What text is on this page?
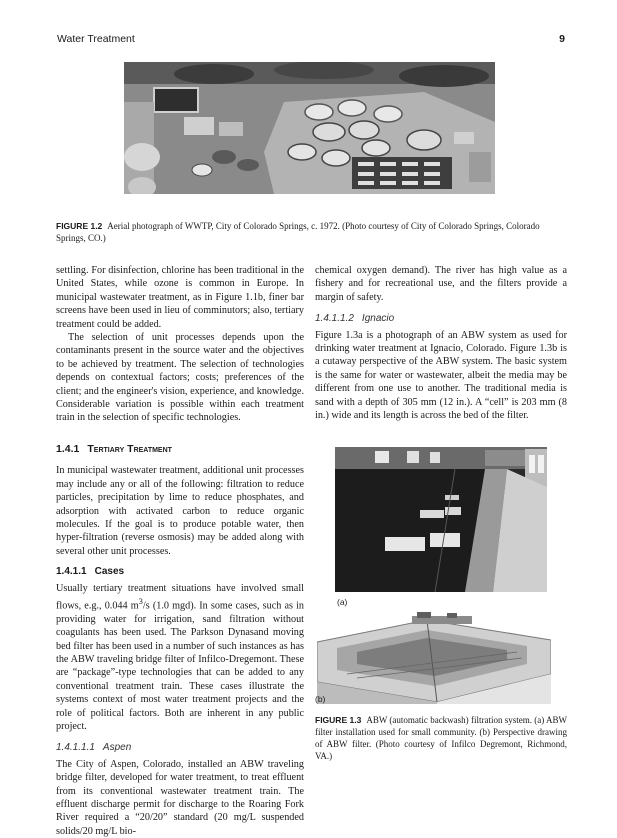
Water Treatment	9
FIGURE 1.2 Aerial photograph of WWTP, City of Colorado Springs, c. 1972. (Photo courtesy of City of Colorado Springs, Colorado Springs, CO.)

settling. For disinfection, chlorine has been traditional in the United States, while ozone is common in Europe. In municipal wastewater treatment, as in Figure 1.1b, finer bar screens have been used in lieu of comminutors; also, tertiary treatment could be added.

The selection of unit processes depends upon the contaminants present in the source water and the objectives to be achieved by treatment. The selection of technologies depends on contextual factors; costs; preferences of the client; and the engineer's vision, experience, and knowledge. Considerable variation is possible within each treatment train in the selection of specific technologies.

1.4.1 Tertiary Treatment

In municipal wastewater treatment, additional unit processes may include any or all of the following: filtration to reduce particles, precipitation by lime to reduce phosphates, and adsorption with activated carbon to reduce organic molecules. If the goal is to produce potable water, then hyper-filtration (reverse osmosis) may be added along with several other unit processes.

1.4.1.1 Cases

Usually tertiary treatment situations have involved small flows, e.g., 0.044 $m^3/s$ (1.0 mgd). In some cases, such as in providing water for irrigation, sand filtration without coagulants has been used. The Parkson Dynasand moving bed filter has been used in a number of such instances as has the ABW traveling bridge filter of Infilco-Dregemont. These are “package”-type technologies that can be added to any conventional treatment train. These cases illustrate the systems context of most water treatment projects and the role of political factors. Both are inherent in any public project.

1.4.1.1.1 Aspen

The City of Aspen, Colorado, installed an ABW traveling bridge filter, developed for water treatment, to treat effluent from its conventional wastewater treatment train. The effluent discharge permit for discharge to the Roaring Fork River required a “20/20” standard (20 mg/L suspended solids/20 mg/L bio-

chemical oxygen demand). The river has high value as a fishery and for recreational use, and the filters provide a margin of safety.

1.4.1.1.2 Ignacio

Figure 1.3a is a photograph of an ABW system as used for drinking water treatment at Ignacio, Colorado. Figure 1.3b is a cutaway perspective of the ABW system. The basic system is the same for water or wastewater, albeit the media may be different from one use to another. The traditional media is sand with a depth of 305 mm (12 in.). A “cell” is 203 mm (8 in.) wide and its length is across the bed of the filter.

(a)
(b)
FIGURE 1.3 ABW (automatic backwash) filtration system. (a) ABW filter installation used for small community. (b) Perspective drawing of ABW filter. (Photo courtesy of Infilco Degremont, Richmond, VA.)
